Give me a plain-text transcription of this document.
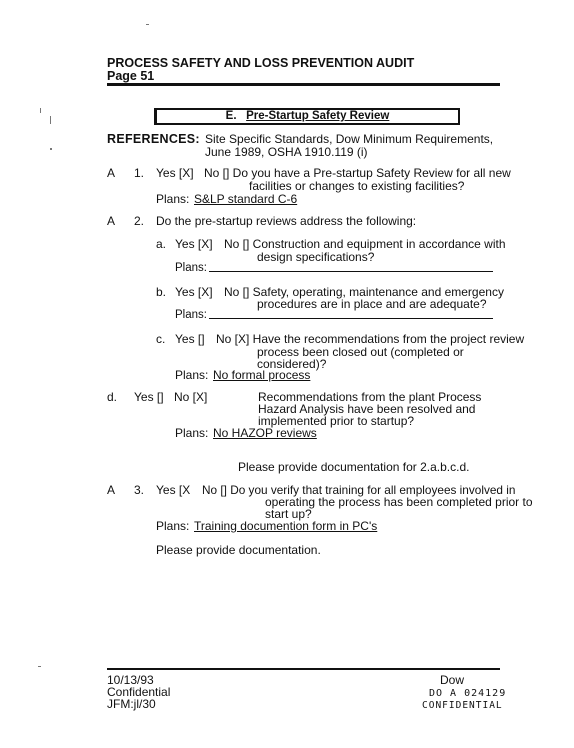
PROCESS SAFETY AND LOSS PREVENTION AUDIT
Page 51
E. Pre-Startup Safety Review
REFERENCES: Site Specific Standards, Dow Minimum Requirements,
June 1989, OSHA 1910.119 (i)
A 1. Yes [X] No [] Do you have a Pre-startup Safety Review for all new
facilities or changes to existing facilities?
Plans: S&LP standard C-6
A 2. Do the pre-startup reviews address the following:
a. Yes [X] No [] Construction and equipment in accordance with
design specifications?
Plans:
b. Yes [X] No [] Safety, operating, maintenance and emergency
procedures are in place and are adequate?
Plans:
c. Yes [] No [X] Have the recommendations from the project review
process been closed out (completed or
considered)?
Plans: No formal process
d. Yes [] No [X]	Recommendations from the plant Process
Hazard Analysis have been resolved and
implemented prior to startup?
Plans: No HAZOP reviews
Please provide documentation for 2.a.b.c.d.
A 3. Yes [X No [] Do you verify that training for all employees involved in
operating the process has been completed prior to
start up?
Plans: Training documention form in PC's
Please provide documentation.
10/13/93
Confidential
JFM:jl/30
Dow
DO A 024129
CONFIDENTIAL
